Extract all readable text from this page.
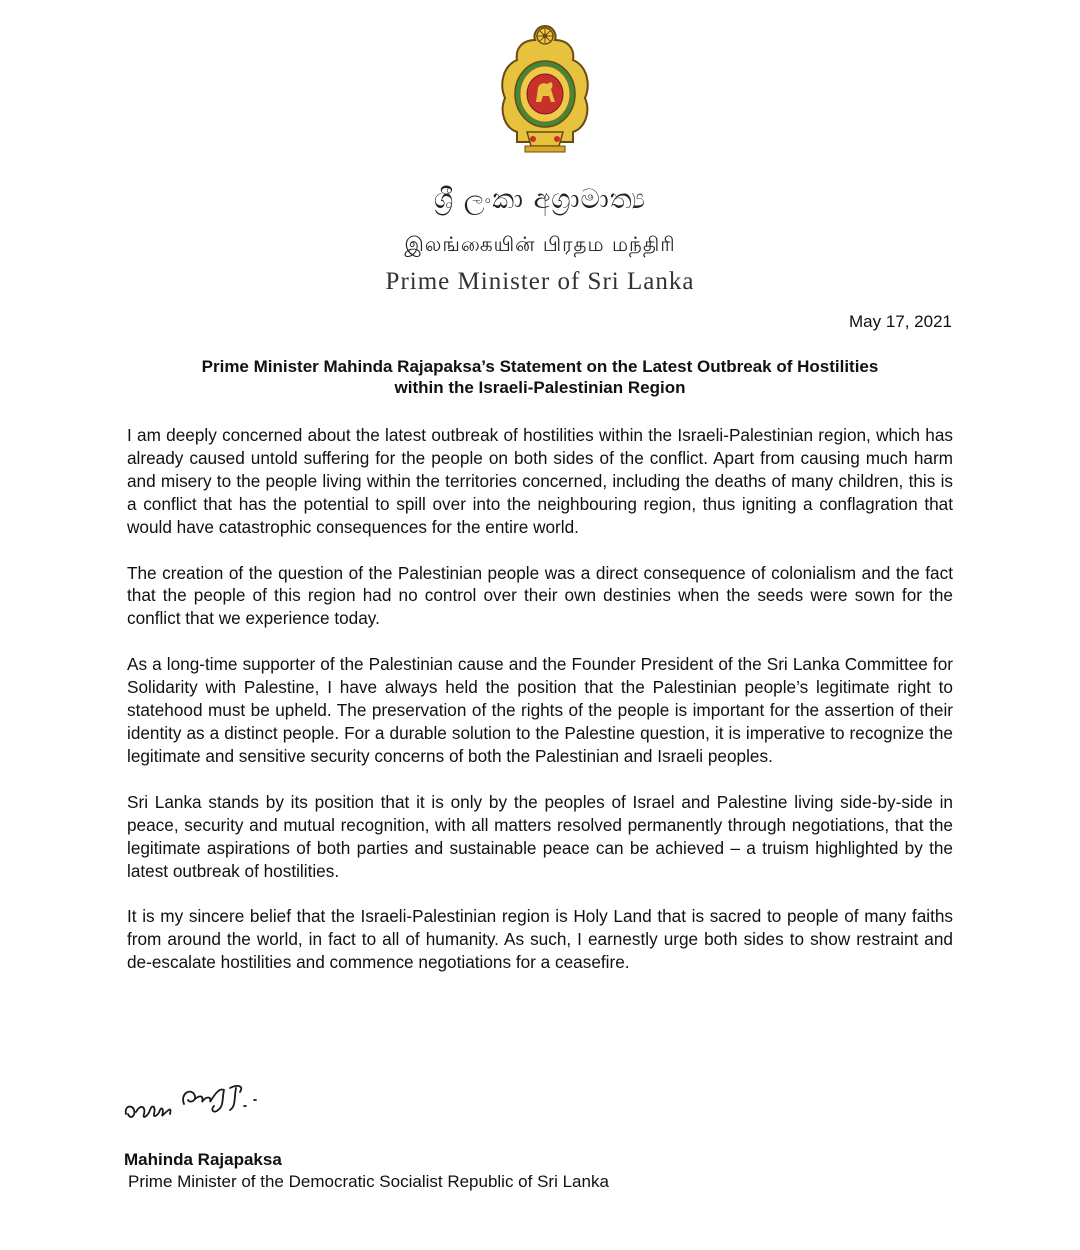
ශ්‍රී ලංකා අග්‍රාමාත්‍ය
இலங்கையின் பிரதம மந்திரி
Prime Minister of Sri Lanka
May 17, 2021
Prime Minister Mahinda Rajapaksa’s Statement on the Latest Outbreak of Hostilities
within the Israeli-Palestinian Region

I am deeply concerned about the latest outbreak of hostilities within the Israeli-Palestinian region, which has already caused untold suffering for the people on both sides of the conflict. Apart from causing much harm and misery to the people living within the territories concerned, including the deaths of many children, this is a conflict that has the potential to spill over into the neighbouring region, thus igniting a conflagration that would have catastrophic consequences for the entire world.

The creation of the question of the Palestinian people was a direct consequence of colonialism and the fact that the people of this region had no control over their own destinies when the seeds were sown for the conflict that we experience today.

As a long-time supporter of the Palestinian cause and the Founder President of the Sri Lanka Committee for Solidarity with Palestine, I have always held the position that the Palestinian people’s legitimate right to statehood must be upheld. The preservation of the rights of the people is important for the assertion of their identity as a distinct people. For a durable solution to the Palestine question, it is imperative to recognize the legitimate and sensitive security concerns of both the Palestinian and Israeli peoples.

Sri Lanka stands by its position that it is only by the peoples of Israel and Palestine living side-by-side in peace, security and mutual recognition, with all matters resolved permanently through negotiations, that the legitimate aspirations of both parties and sustainable peace can be achieved – a truism highlighted by the latest outbreak of hostilities.

It is my sincere belief that the Israeli-Palestinian region is Holy Land that is sacred to people of many faiths from around the world, in fact to all of humanity. As such, I earnestly urge both sides to show restraint and de-escalate hostilities and commence negotiations for a ceasefire.

Mahinda Rajapaksa
Prime Minister of the Democratic Socialist Republic of Sri Lanka
